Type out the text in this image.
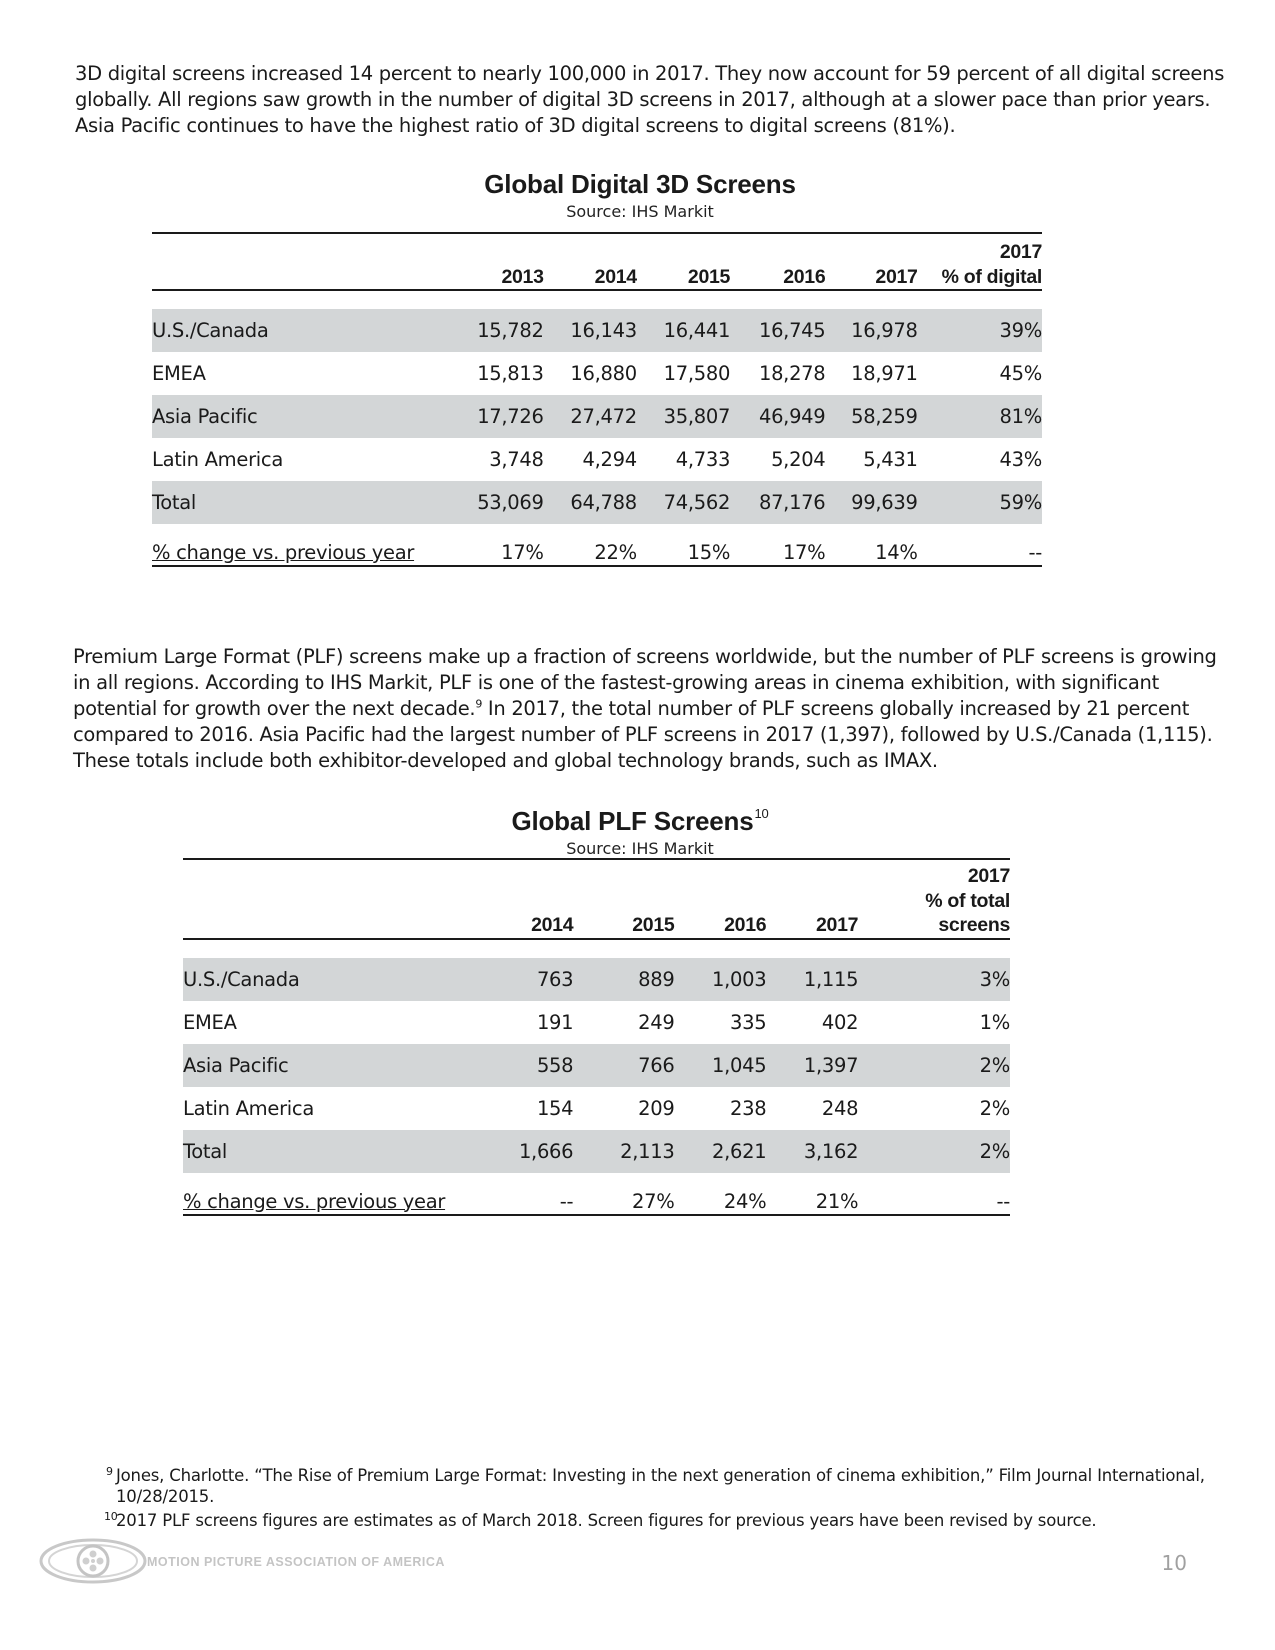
3D digital screens increased 14 percent to nearly 100,000 in 2017. They now account for 59 percent of all digital screens globally. All regions saw growth in the number of digital 3D screens in 2017, although at a slower pace than prior years. Asia Pacific continues to have the highest ratio of 3D digital screens to digital screens (81%).
Global Digital 3D Screens
Source: IHS Markit
						2017
	2013	2014	2015	2016	2017	% of digital

U.S./Canada	15,782	16,143	16,441	16,745	16,978	39%
EMEA	15,813	16,880	17,580	18,278	18,971	45%
Asia Pacific	17,726	27,472	35,807	46,949	58,259	81%
Latin America	3,748	4,294	4,733	5,204	5,431	43%
Total	53,069	64,788	74,562	87,176	99,639	59%
% change vs. previous year	17%	22%	15%	17%	14%	--
Premium Large Format (PLF) screens make up a fraction of screens worldwide, but the number of PLF screens is growing in all regions. According to IHS Markit, PLF is one of the fastest-growing areas in cinema exhibition, with significant potential for growth over the next decade.$^9$ In 2017, the total number of PLF screens globally increased by 21 percent compared to 2016. Asia Pacific had the largest number of PLF screens in 2017 (1,397), followed by U.S./Canada (1,115). These totals include both exhibitor-developed and global technology brands, such as IMAX.
Global PLF Screens$^{10}$
Source: IHS Markit
					2017
% of total
	2014	2015	2016	2017	screens

U.S./Canada	763	889	1,003	1,115	3%
EMEA	191	249	335	402	1%
Asia Pacific	558	766	1,045	1,397	2%
Latin America	154	209	238	248	2%
Total	1,666	2,113	2,621	3,162	2%
% change vs. previous year	--	27%	24%	21%	--
9 Jones, Charlotte. “The Rise of Premium Large Format: Investing in the next generation of cinema exhibition,” Film Journal International, 10/28/2015.
10
2017 PLF screens figures are estimates as of March 2018. Screen figures for previous years have been revised by source.
MOTION PICTURE ASSOCIATION OF AMERICA	10
